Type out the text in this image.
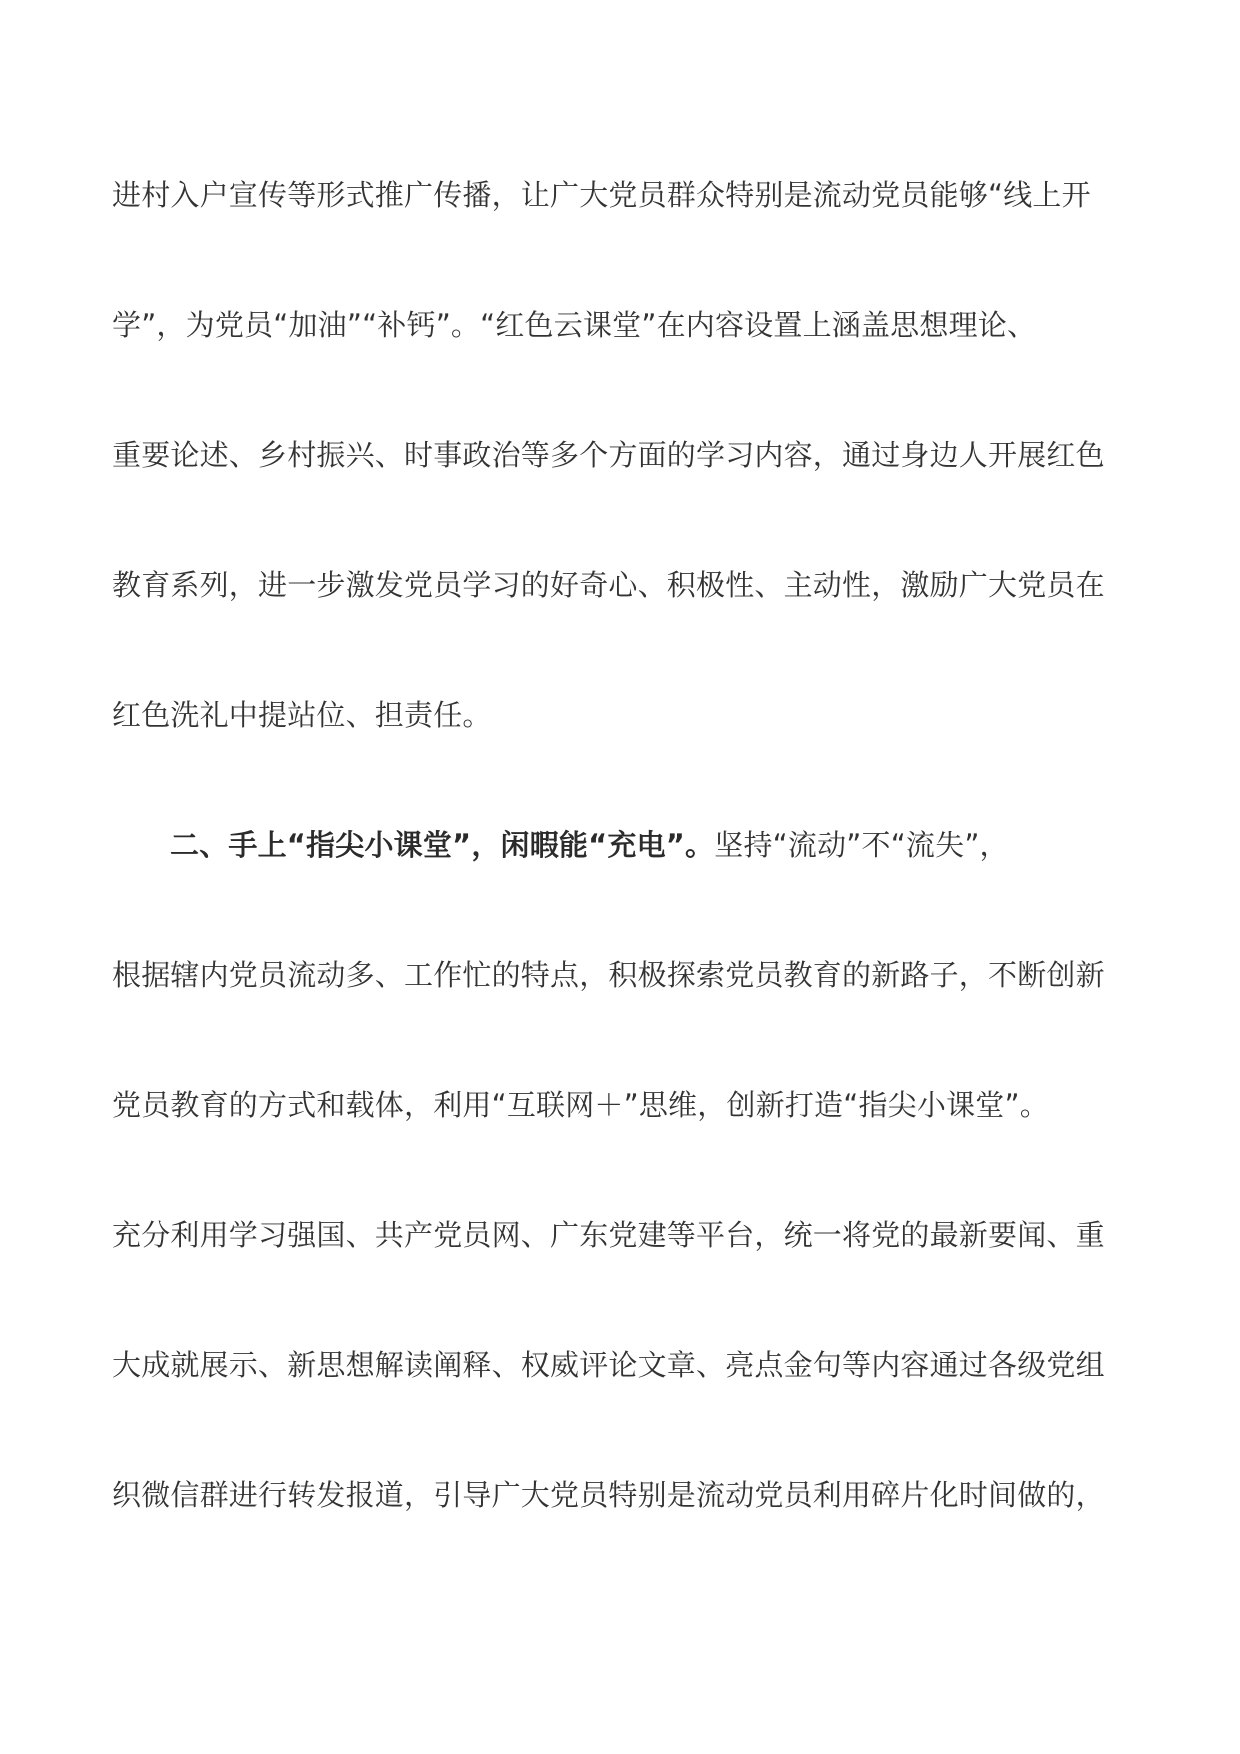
进村入户宣传等形式推广传播，让广大党员群众特别是流动党员能够“线上开
学”，为党员“加油”“补钙”。“红色云课堂”在内容设置上涵盖思想理论、
重要论述、乡村振兴、时事政治等多个方面的学习内容，通过身边人开展红色
教育系列，进一步激发党员学习的好奇心、积极性、主动性，激励广大党员在
红色洗礼中提站位、担责任。
二、手上“指尖小课堂”，闲暇能“充电”。坚持“流动”不“流失”，
根据辖内党员流动多、工作忙的特点，积极探索党员教育的新路子，不断创新
党员教育的方式和载体，利用“互联网＋”思维，创新打造“指尖小课堂”。
充分利用学习强国、共产党员网、广东党建等平台，统一将党的最新要闻、重
大成就展示、新思想解读阐释、权威评论文章、亮点金句等内容通过各级党组
织微信群进行转发报道，引导广大党员特别是流动党员利用碎片化时间做的，
